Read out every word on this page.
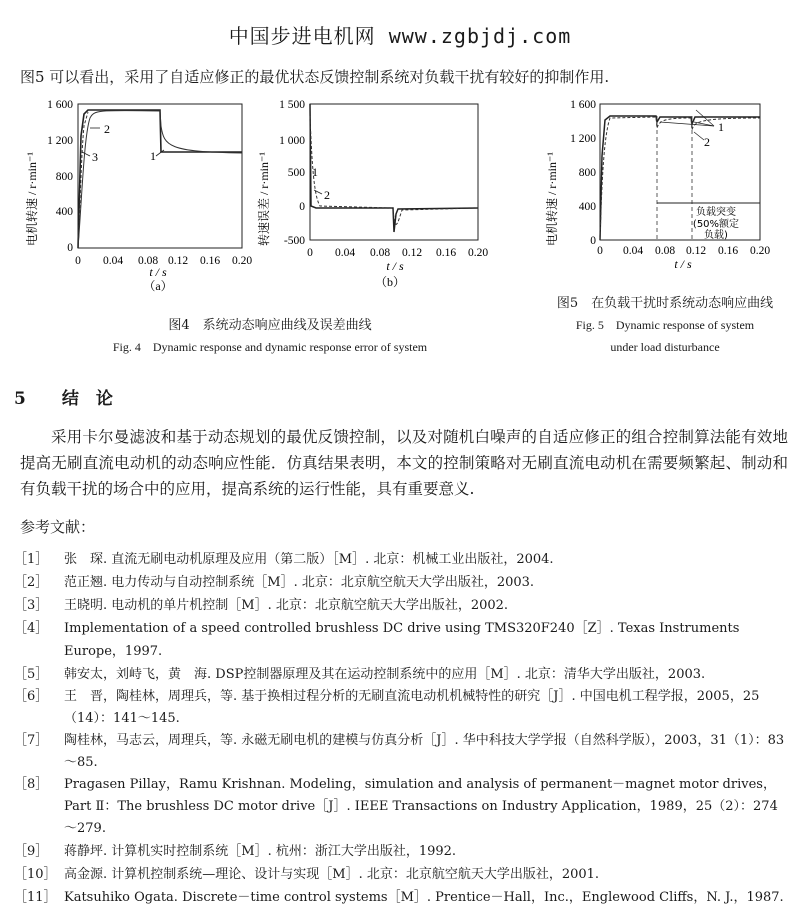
中国步进电机网 www.zgbjdj.com
图5 可以看出，采用了自适应修正的最优状态反馈控制系统对负载干扰有较好的抑制作用.
电机转速 / r·min⁻¹
1 600
1 200
800
400
0
0 0.04 0.08 0.12 0.16 0.20
t / s
（a）
2
3	1	转速误差 / r·min⁻¹
1 500
1 000
500
0
-500
0 0.04 0.08 0.12 0.16 0.20
t / s
（b）
1
2	电机转速 / r·min⁻¹
1 600
1 200
800
400
0
0 0.04 0.08 0.12 0.16 0.20
t / s
1
2
负载突变
(50%额定
负载)
图5　在负载干扰时系统动态响应曲线
Fig. 5　Dynamic response of system
under load disturbance
图4　系统动态响应曲线及误差曲线
Fig. 4　Dynamic response and dynamic response error of system
5 结　论
采用卡尔曼滤波和基于动态规划的最优反馈控制，以及对随机白噪声的自适应修正的组合控制算法能有效地提高无刷直流电动机的动态响应性能．仿真结果表明，本文的控制策略对无刷直流电动机在需要频繁起、制动和有负载干扰的场合中的应用，提高系统的运行性能，具有重要意义.
参考文献：
［1］ 张　琛. 直流无刷电动机原理及应用（第二版）［M］. 北京：机械工业出版社，2004.
［2］ 范正翘. 电力传动与自动控制系统［M］. 北京：北京航空航天大学出版社，2003.
［3］ 王晓明. 电动机的单片机控制［M］. 北京：北京航空航天大学出版社，2002.
［4］ Implementation of a speed controlled brushless DC drive using TMS320F240［Z］. Texas Instruments Europe，1997.
［5］ 韩安太，刘峙飞，黄　海. DSP控制器原理及其在运动控制系统中的应用［M］. 北京：清华大学出版社，2003.
［6］ 王　晋，陶桂林，周理兵，等. 基于换相过程分析的无刷直流电动机机械特性的研究［J］. 中国电机工程学报，2005，25（14）：141～145.
［7］ 陶桂林，马志云，周理兵，等. 永磁无刷电机的建模与仿真分析［J］. 华中科技大学学报（自然科学版），2003，31（1）：83～85.
［8］ Pragasen Pillay，Ramu Krishnan. Modeling，simulation and analysis of permanent－magnet motor drives，Part Ⅱ：The brushless DC motor drive［J］. IEEE Transactions on Industry Application，1989，25（2）：274～279.
［9］ 蒋静坪. 计算机实时控制系统［M］. 杭州：浙江大学出版社，1992.
［10］ 高金源. 计算机控制系统—理论、设计与实现［M］. 北京：北京航空航天大学出版社，2001.
［11］ Katsuhiko Ogata. Discrete－time control systems［M］. Prentice－Hall，Inc.，Englewood Cliffs，N. J.，1987.
